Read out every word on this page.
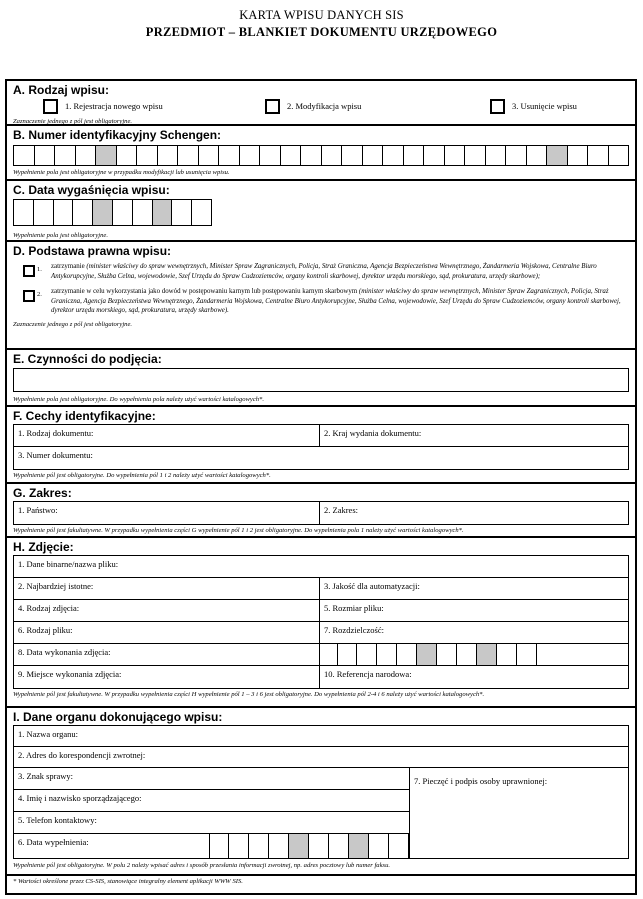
KARTA WPISU DANYCH SIS
PRZEDMIOT – BLANKIET DOKUMENTU URZĘDOWEGO
A. Rodzaj wpisu:
1. Rejestracja nowego wpisu	2. Modyfikacja wpisu	3. Usunięcie wpisu
Zaznaczenie jednego z pól jest obligatoryjne.
B. Numer identyfikacyjny Schengen:
Wypełnienie pola jest obligatoryjne w przypadku modyfikacji lub usunięcia wpisu.
C. Data wygaśnięcia wpisu:
Wypełnienie pola jest obligatoryjne.
D. Podstawa prawna wpisu:
1. zatrzymanie (minister właściwy do spraw wewnętrznych, Minister Spraw Zagranicznych, Policja, Straż Graniczna, Agencja Bezpieczeństwa Wewnętrznego, Żandarmeria Wojskowa, Centralne Biuro Antykorupcyjne, Służba Celna, wojewodowie, Szef Urzędu do Spraw Cudzoziemców, organy kontroli skarbowej, dyrektor urzędu morskiego, sąd, prokuratura, urzędy skarbowe);
2. zatrzymanie w celu wykorzystania jako dowód w postępowaniu karnym lub postępowaniu karnym skarbowym (minister właściwy do spraw wewnętrznych, Minister Spraw Zagranicznych, Policja, Straż Graniczna, Agencja Bezpieczeństwa Wewnętrznego, Żandarmeria Wojskowa, Centralne Biuro Antykorupcyjne, Służba Celna, wojewodowie, Szef Urzędu do Spraw Cudzoziemców, organy kontroli skarbowej, dyrektor urzędu morskiego, sąd, prokuratura, urzędy skarbowe).
Zaznaczenie jednego z pól jest obligatoryjne.
E. Czynności do podjęcia:
Wypełnienie pola jest obligatoryjne. Do wypełnienia pola należy użyć wartości katalogowych*.
F. Cechy identyfikacyjne:
1. Rodzaj dokumentu:	2. Kraj wydania dokumentu:
3. Numer dokumentu:
Wypełnienie pól jest obligatoryjne. Do wypełnienia pól 1 i 2 należy użyć wartości katalogowych*.
G. Zakres:
1. Państwo:	2. Zakres:
Wypełnienie pól jest fakultatywne. W przypadku wypełnienia części G wypełnienie pól 1 i 2 jest obligatoryjne. Do wypełnienia pola 1 należy użyć wartości katalogowych*.
H. Zdjęcie:
1. Dane binarne/nazwa pliku:
2. Najbardziej istotne:	3. Jakość dla automatyzacji:
4. Rodzaj zdjęcia:	5. Rozmiar pliku:
6. Rodzaj pliku:	7. Rozdzielczość:
8. Data wykonania zdjęcia:
9. Miejsce wykonania zdjęcia:	10. Referencja narodowa:
Wypełnienie pól jest fakultatywne. W przypadku wypełnienia części H wypełnienie pól 1 – 3 i 6 jest obligatoryjne. Do wypełnienia pól 2-4 i 6 należy użyć wartości katalogowych*.
I. Dane organu dokonującego wpisu:
1. Nazwa organu:
2. Adres do korespondencji zwrotnej:
3. Znak sprawy:
4. Imię i nazwisko sporządzającego:
5. Telefon kontaktowy:
6. Data wypełnienia:
7. Pieczęć i podpis osoby uprawnionej:
Wypełnienie pól jest obligatoryjne. W polu 2 należy wpisać adres i sposób przesłania informacji zwrotnej, np. adres pocztowy lub numer faksu.
* Wartości określone przez CS-SIS, stanowiące integralny element aplikacji WWW SIS.
